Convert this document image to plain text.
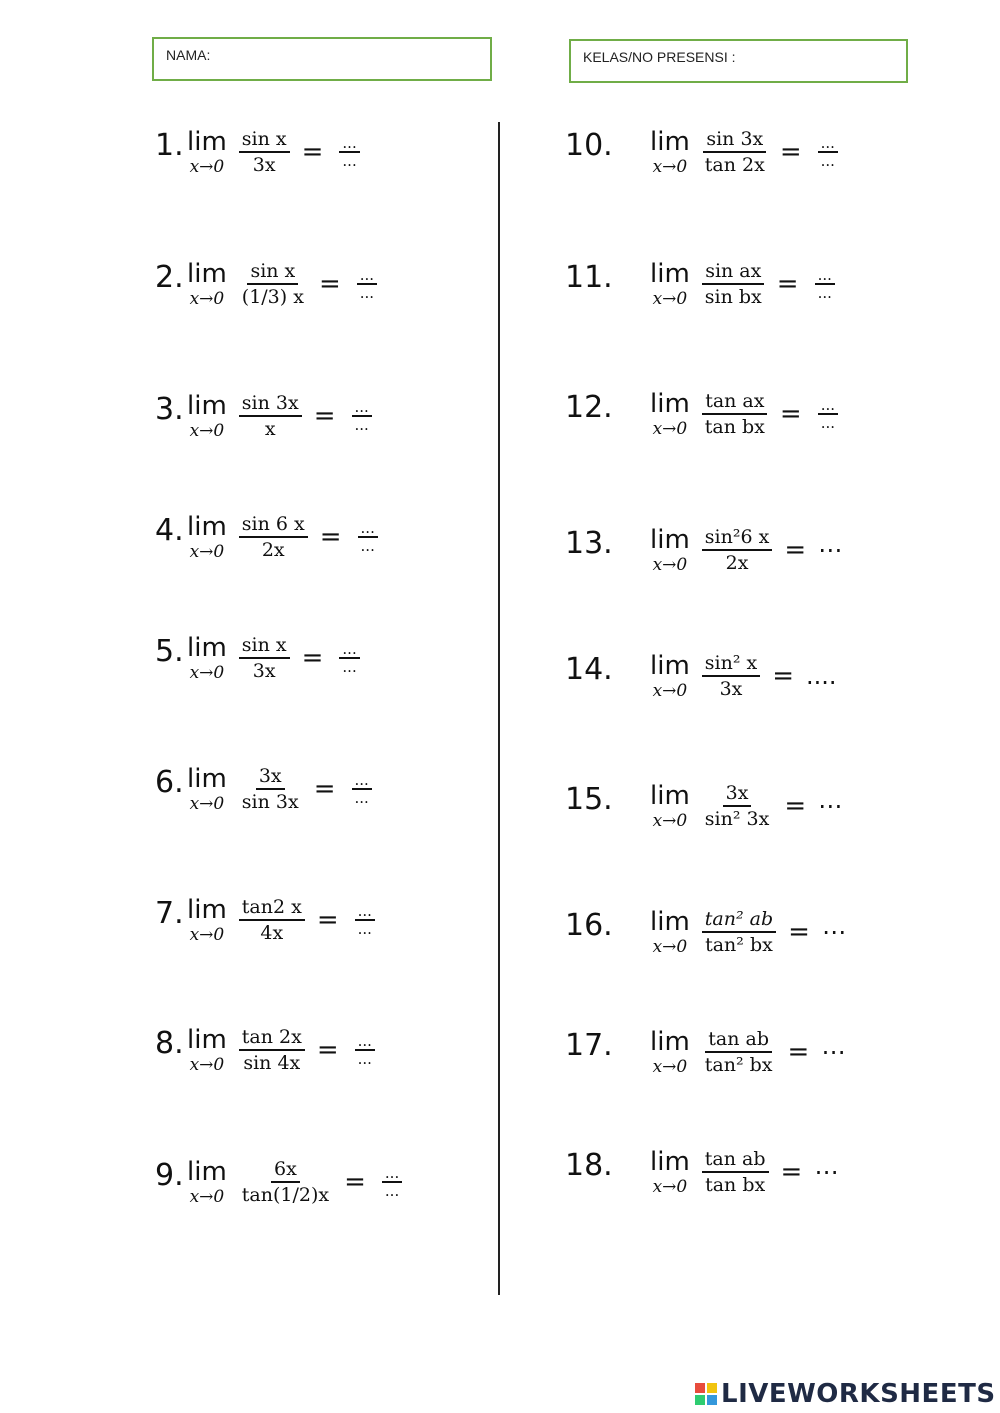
NAMA:	KELAS/NO PRESENSI :
1. lim
$x\to 0 \frac{\text{sin x}}{3x} = \frac{...}{...}$
2. lim
$x\to 0 \frac{\text{sin x}}{(1/3) x} = \frac{...}{...}$
3. lim
$x\to 0 \frac{\sin 3x}{x} = \frac{...}{...}$
4. lim
$x\to 0 \frac{\sin 6 x}{2x} = \frac{...}{...}$
5. lim
$x\to 0 \frac{\text{sin x}}{3x} = \frac{...}{...}$
6. lim
$x\to 0 \frac{3x}{\sin 3x} = \frac{...}{...}$
7. lim
$x\to 0 \frac{\tan 2 x}{4x} = \frac{...}{...}$
8. lim
$x\to 0 \frac{\tan 2x}{\sin 4x} = \frac{...}{...}$
9. lim
$x\to 0 \frac{6x}{\tan(1/2)x} = \frac{...}{...}$
10. lim
$x\to 0 \frac{\sin 3x}{\tan 2x} = \frac{...}{...}$
11. lim
$x\to 0 \frac{\text{sin ax}}{\text{sin bx}} = \frac{...}{...}$
12. lim
$x\to 0 \frac{\text{tan ax}}{\text{tan bx}} = \frac{...}{...}$
13. lim
$x\to 0 \frac{\text{sin²6 x}}{2x}$ = ⋯
14. lim
$x\to 0 \frac{\text{sin² x}}{3x}$ = ....
15. lim
$x\to 0 \frac{3x}{\text{sin² 3x}}$ = ⋯
16. lim
$x\to 0 \frac{\text{tan² ab}}{\text{tan² bx}}$ = ⋯
17. lim
$x\to 0 \frac{\text{tan ab}}{\text{tan² bx}}$ = ⋯
18. lim
$x\to 0 \frac{\text{tan ab}}{\text{tan bx}}$ = ⋯
LIVEWORKSHEETS
